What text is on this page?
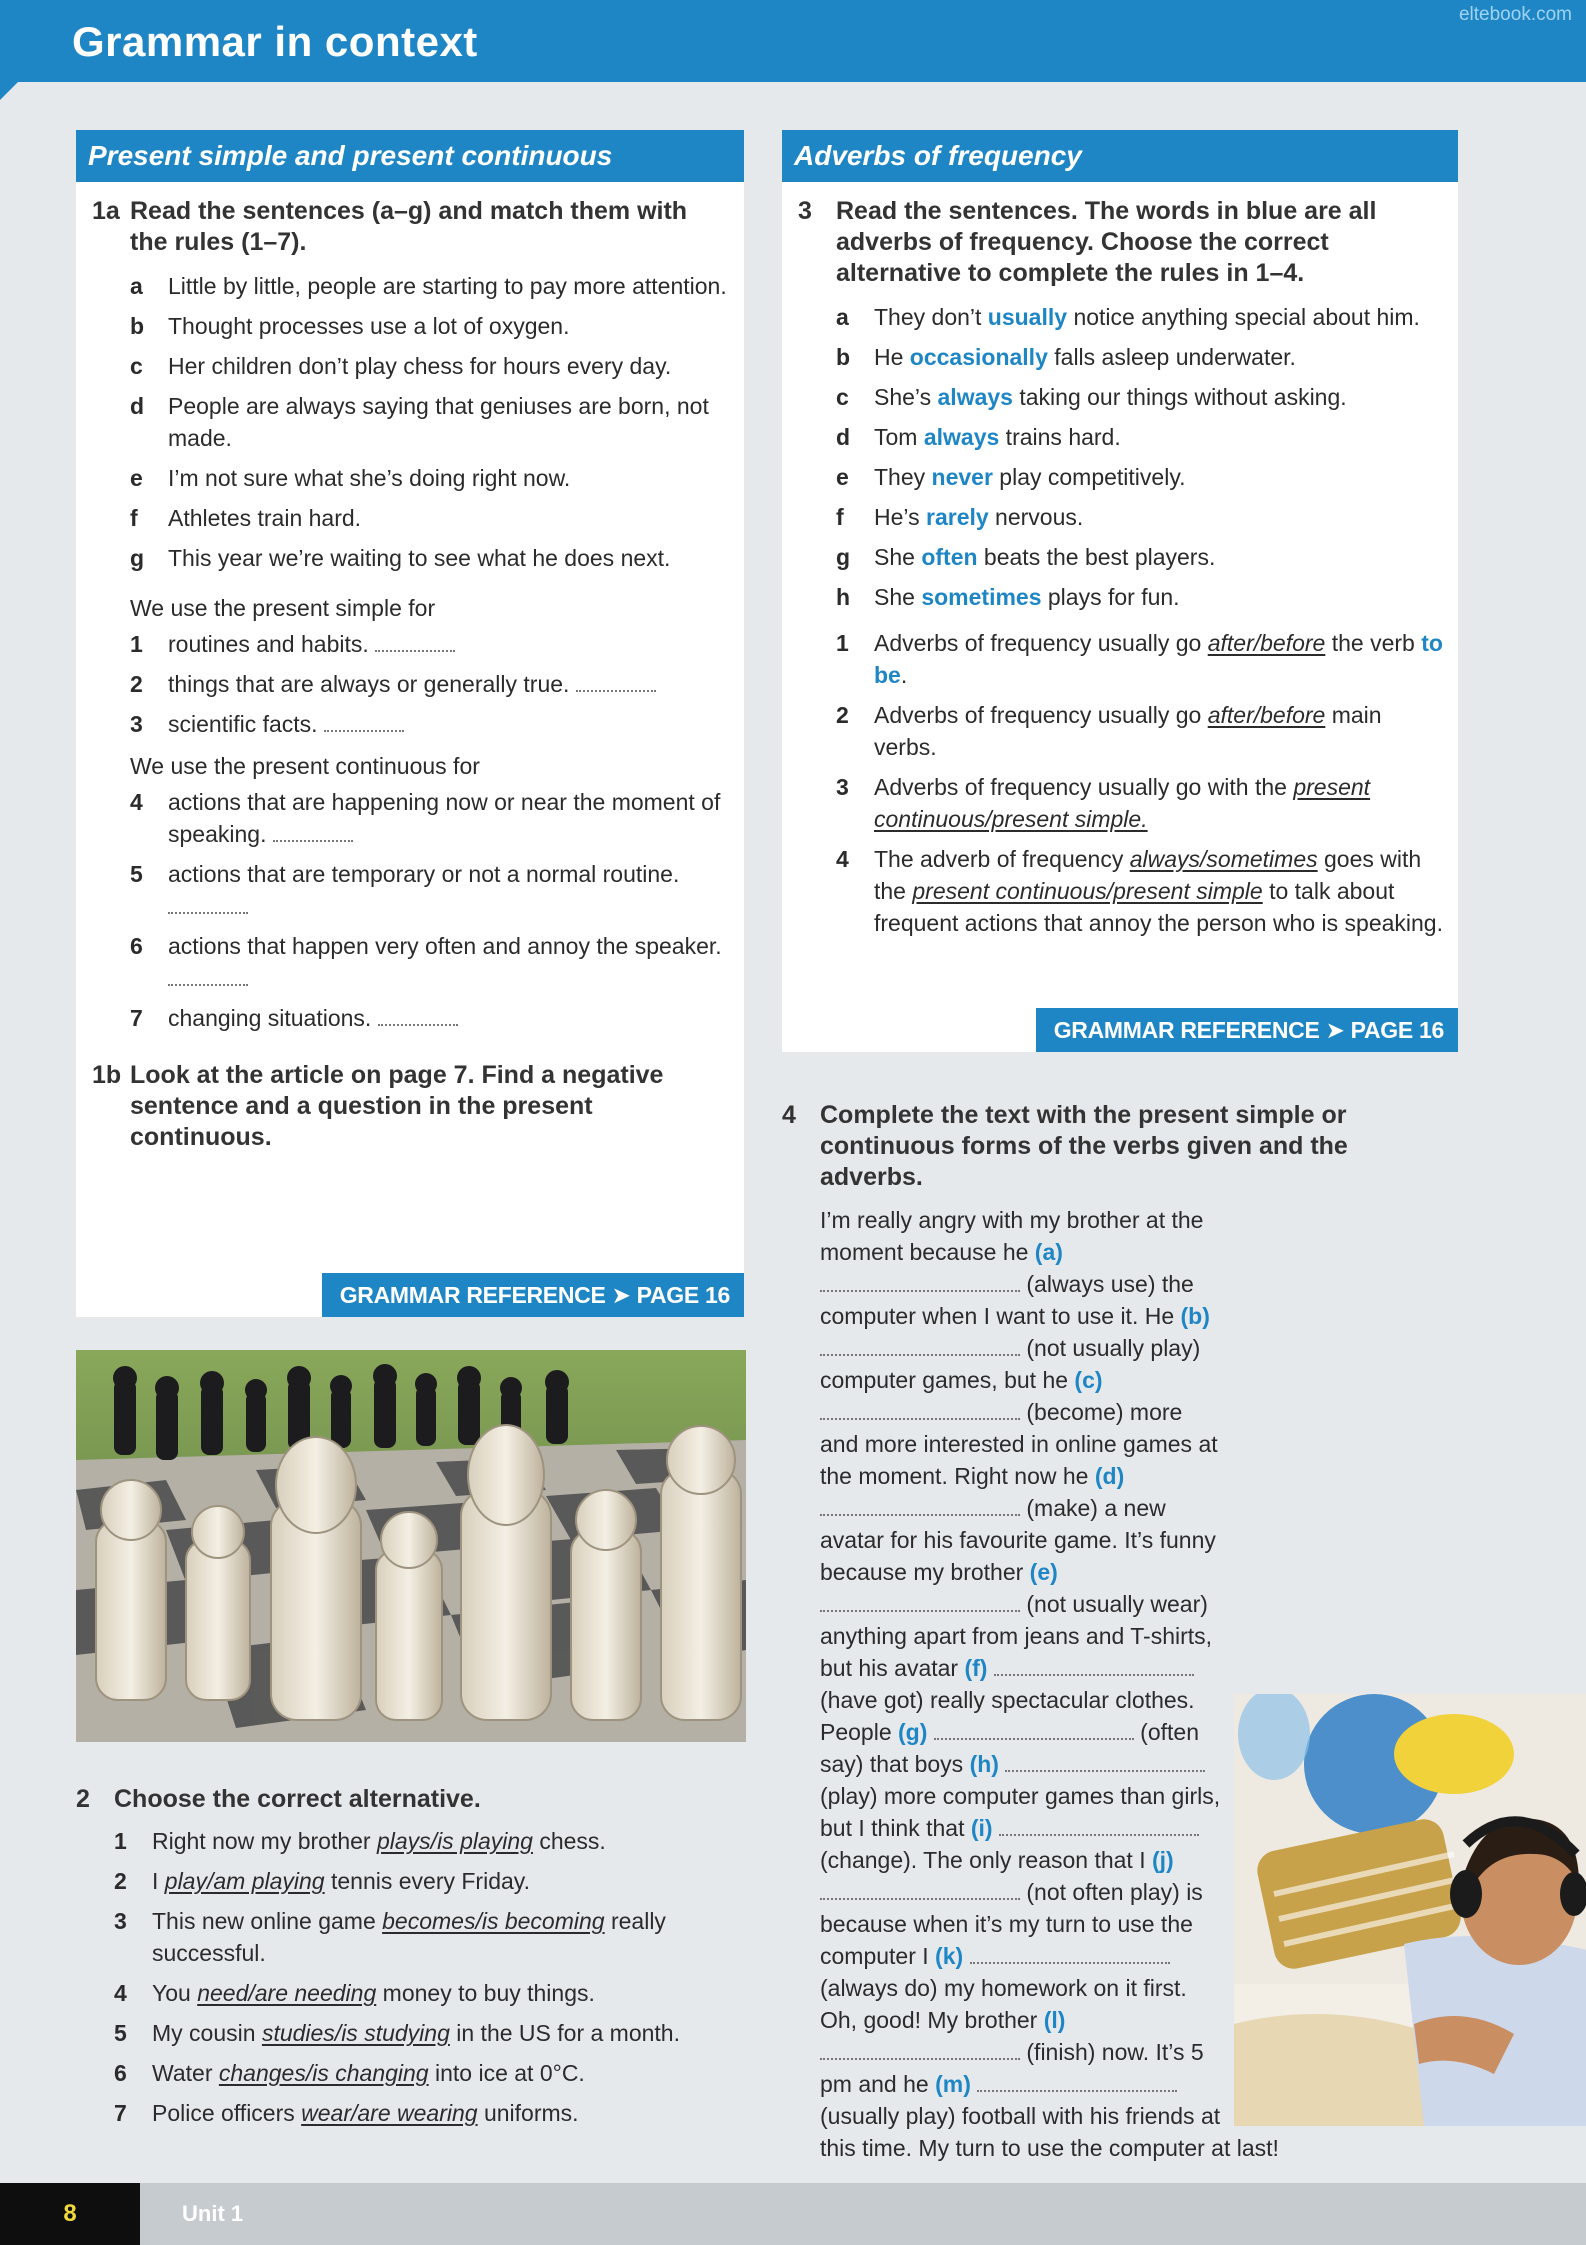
Grammar in context
eltebook.com
Present simple and present continuous
1a Read the sentences (a–g) and match them with the rules (1–7).
a	Little by little, people are starting to pay more attention.
b	Thought processes use a lot of oxygen.
c	Her children don’t play chess for hours every day.
d	People are always saying that geniuses are born, not made.
e	I’m not sure what she’s doing right now.
f	Athletes train hard.
g	This year we’re waiting to see what he does next.
We use the present simple for
1	routines and habits.
2	things that are always or generally true.
3	scientific facts.
We use the present continuous for
4	actions that are happening now or near the moment of speaking.
5	actions that are temporary or not a normal routine.
6	actions that happen very often and annoy the speaker.
7	changing situations.
1b Look at the article on page 7. Find a negative sentence and a question in the present continuous.
GRAMMAR REFERENCE ➤ PAGE 16
2 Choose the correct alternative.
1	Right now my brother plays/is playing chess.
2	I play/am playing tennis every Friday.
3	This new online game becomes/is becoming really successful.
4	You need/are needing money to buy things.
5	My cousin studies/is studying in the US for a month.
6	Water changes/is changing into ice at 0°C.
7	Police officers wear/are wearing uniforms.
Adverbs of frequency
3 Read the sentences. The words in blue are all adverbs of frequency. Choose the correct alternative to complete the rules in 1–4.
a	They don’t usually notice anything special about him.
b	He occasionally falls asleep underwater.
c	She’s always taking our things without asking.
d	Tom always trains hard.
e	They never play competitively.
f	He’s rarely nervous.
g	She often beats the best players.
h	She sometimes plays for fun.
1	Adverbs of frequency usually go after/before the verb to be.
2	Adverbs of frequency usually go after/before main verbs.
3	Adverbs of frequency usually go with the present continuous/present simple.
4	The adverb of frequency always/sometimes goes with the present continuous/present simple to talk about frequent actions that annoy the person who is speaking.
GRAMMAR REFERENCE ➤ PAGE 16
4 Complete the text with the present simple or continuous forms of the verbs given and the adverbs.
I’m really angry with my brother at the moment because he (a)  (always use) the computer when I want to use it. He (b)  (not usually play) computer games, but he (c)  (become) more and more interested in online games at the moment. Right now he (d)  (make) a new avatar for his favourite game. It’s funny because my brother (e)  (not usually wear) anything apart from jeans and T-shirts, but his avatar (f)  (have got) really spectacular clothes. People (g)	(often say) that boys (h)  (play) more computer games than girls, but I think that (i)  (change). The only reason that I (j)  (not often play) is because when it’s my turn to use the computer I (k)  (always do) my homework on it first. Oh, good! My brother (l)  (finish) now. It’s 5 pm and he (m)  (usually play) football with his friends at this time. My turn to use the computer at last!
8	Unit 1
